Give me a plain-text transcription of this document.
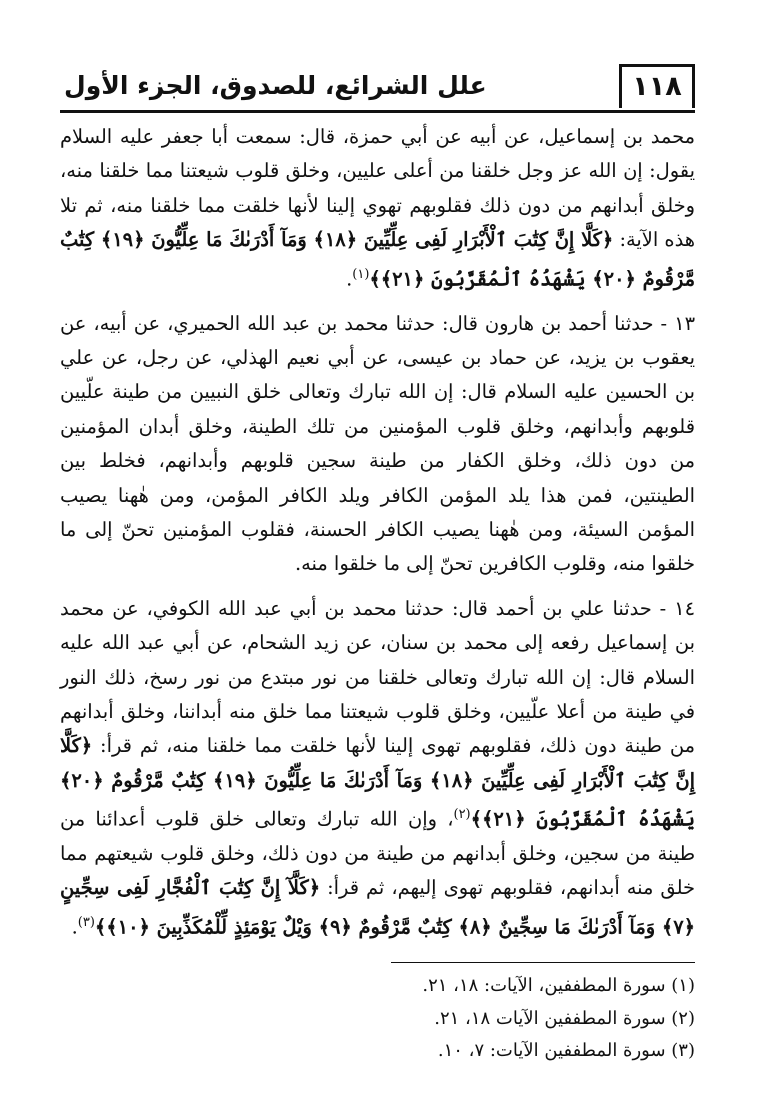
١١٨
علل الشرائع، للصدوق، الجزء الأول

محمد بن إسماعيل، عن أبيه عن أبي حمزة، قال: سمعت أبا جعفر عليه السلام يقول: إن الله عز وجل خلقنا من أعلى عليين، وخلق قلوب شيعتنا مما خلقنا منه، وخلق أبدانهم من دون ذلك فقلوبهم تهوي إلينا لأنها خلقت مما خلقنا منه، ثم تلا هذه الآية: ﴿كَلَّا إِنَّ كِتَٰبَ ٱلْأَبْرَارِ لَفِى عِلِّيِّينَ ﴿١٨﴾ وَمَآ أَدْرَىٰكَ مَا عِلِّيُّونَ ﴿١٩﴾ كِتَٰبٌ مَّرْقُومٌ ﴿٢٠﴾ يَشْهَدُهُ ٱلْمُقَرَّبُونَ ﴿٢١﴾﴾$^{(١)}$.

١٣ - حدثنا أحمد بن هارون قال: حدثنا محمد بن عبد الله الحميري، عن أبيه، عن يعقوب بن يزيد، عن حماد بن عيسى، عن أبي نعيم الهذلي، عن رجل، عن علي بن الحسين عليه السلام قال: إن الله تبارك وتعالى خلق النبيين من طينة علّيين قلوبهم وأبدانهم، وخلق قلوب المؤمنين من تلك الطينة، وخلق أبدان المؤمنين من دون ذلك، وخلق الكفار من طينة سجين قلوبهم وأبدانهم، فخلط بين الطينتين، فمن هذا يلد المؤمن الكافر ويلد الكافر المؤمن، ومن هٰهنا يصيب المؤمن السيئة، ومن هٰهنا يصيب الكافر الحسنة، فقلوب المؤمنين تحنّ إلى ما خلقوا منه، وقلوب الكافرين تحنّ إلى ما خلقوا منه.

١٤ - حدثنا علي بن أحمد قال: حدثنا محمد بن أبي عبد الله الكوفي، عن محمد بن إسماعيل رفعه إلى محمد بن سنان، عن زيد الشحام، عن أبي عبد الله عليه السلام قال: إن الله تبارك وتعالى خلقنا من نور مبتدع من نور رسخ، ذلك النور في طينة من أعلا علّيين، وخلق قلوب شيعتنا مما خلق منه أبداننا، وخلق أبدانهم من طينة دون ذلك، فقلوبهم تهوى إلينا لأنها خلقت مما خلقنا منه، ثم قرأ: ﴿كَلَّا إِنَّ كِتَٰبَ ٱلْأَبْرَارِ لَفِى عِلِّيِّينَ ﴿١٨﴾ وَمَآ أَدْرَىٰكَ مَا عِلِّيُّونَ ﴿١٩﴾ كِتَٰبٌ مَّرْقُومٌ ﴿٢٠﴾ يَشْهَدُهُ ٱلْمُقَرَّبُونَ ﴿٢١﴾﴾$^{(٢)}$، وإن الله تبارك وتعالى خلق قلوب أعدائنا من طينة من سجين، وخلق أبدانهم من طينة من دون ذلك، وخلق قلوب شيعتهم مما خلق منه أبدانهم، فقلوبهم تهوى إليهم، ثم قرأ: ﴿كَلَّآ إِنَّ كِتَٰبَ ٱلْفُجَّارِ لَفِى سِجِّينٍ ﴿٧﴾ وَمَآ أَدْرَىٰكَ مَا سِجِّينٌ ﴿٨﴾ كِتَٰبٌ مَّرْقُومٌ ﴿٩﴾ وَيْلٌ يَوْمَئِذٍ لِّلْمُكَذِّبِينَ ﴿١٠﴾﴾$^{(٣)}$.

(١) سورة المطففين، الآيات: ١٨، ٢١.
(٢) سورة المطففين الآيات ١٨، ٢١.
(٣) سورة المطففين الآيات: ٧، ١٠.
